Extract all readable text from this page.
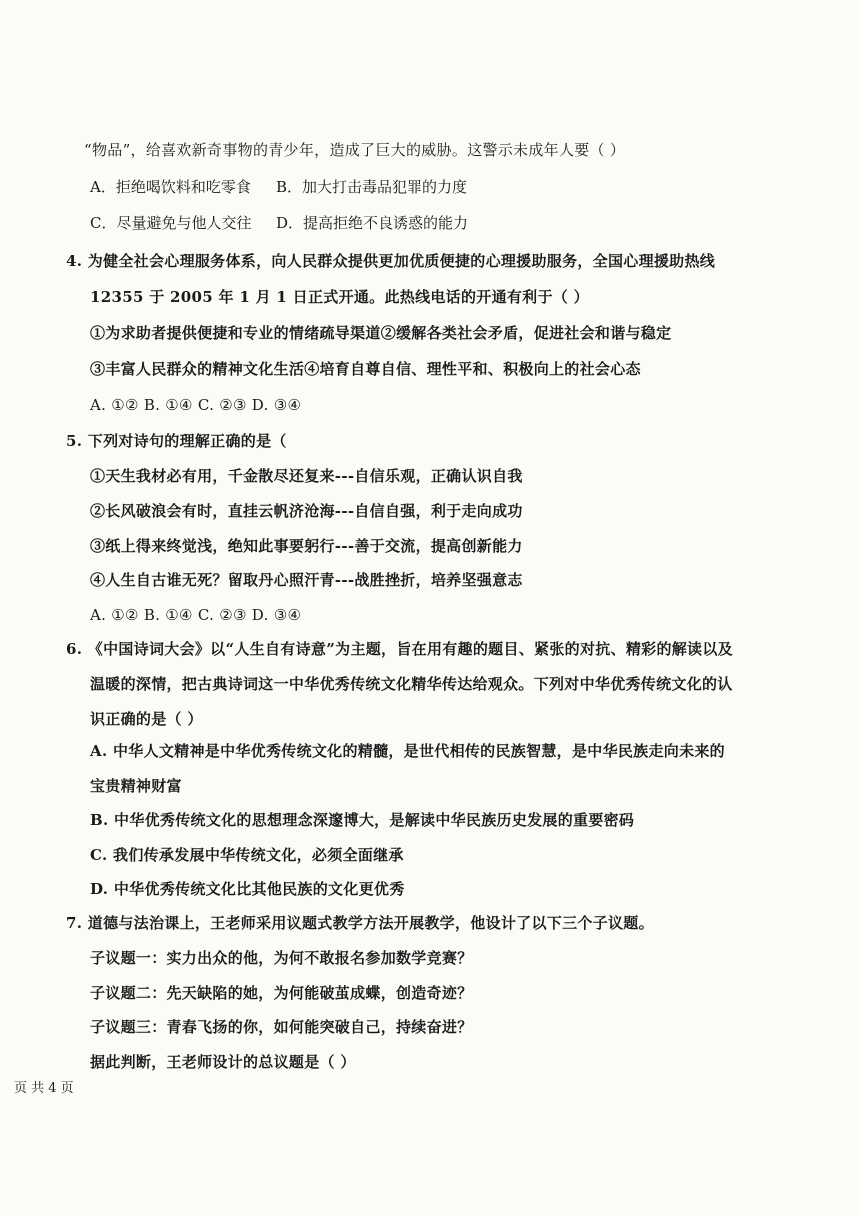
“物品”，给喜欢新奇事物的青少年，造成了巨大的威胁。这警示未成年人要（ ）
A．拒绝喝饮料和吃零食 B．加大打击毒品犯罪的力度
C．尽量避免与他人交往 D．提高拒绝不良诱惑的能力
4. 为健全社会心理服务体系，向人民群众提供更加优质便捷的心理援助服务，全国心理援助热线
12355 于 2005 年 1 月 1 日正式开通。此热线电话的开通有利于（ ）
①为求助者提供便捷和专业的情绪疏导渠道②缓解各类社会矛盾，促进社会和谐与稳定
③丰富人民群众的精神文化生活④培育自尊自信、理性平和、积极向上的社会心态
A. ①② B. ①④ C. ②③ D. ③④
5. 下列对诗句的理解正确的是（
①天生我材必有用，千金散尽还复来---自信乐观，正确认识自我
②长风破浪会有时，直挂云帆济沧海---自信自强，利于走向成功
③纸上得来终觉浅，绝知此事要躬行---善于交流，提高创新能力
④人生自古谁无死？留取丹心照汗青---战胜挫折，培养坚强意志
A. ①② B. ①④ C. ②③ D. ③④
6. 《中国诗词大会》以“人生自有诗意”为主题，旨在用有趣的题目、紧张的对抗、精彩的解读以及
温暖的深情，把古典诗词这一中华优秀传统文化精华传达给观众。下列对中华优秀传统文化的认
识正确的是（ ）
A. 中华人文精神是中华优秀传统文化的精髓，是世代相传的民族智慧，是中华民族走向未来的
宝贵精神财富
B. 中华优秀传统文化的思想理念深邃博大，是解读中华民族历史发展的重要密码
C. 我们传承发展中华传统文化，必须全面继承
D. 中华优秀传统文化比其他民族的文化更优秀
7. 道德与法治课上，王老师采用议题式教学方法开展教学，他设计了以下三个子议题。
子议题一：实力出众的他，为何不敢报名参加数学竞赛？
子议题二：先天缺陷的她，为何能破茧成蝶，创造奇迹？
子议题三：青春飞扬的你，如何能突破自己，持续奋进？
据此判断，王老师设计的总议题是（ ）
页 共 4 页
